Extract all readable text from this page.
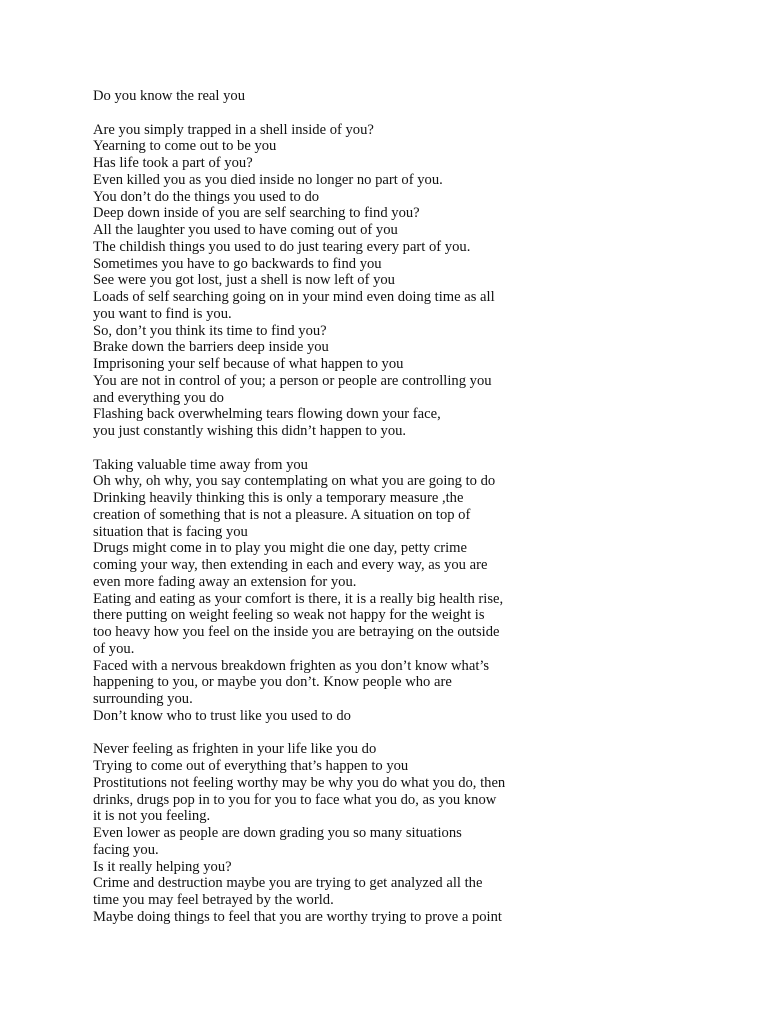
Do you know the real you

Are you simply trapped in a shell inside of you?
Yearning to come out to be you
Has life took a part of you?
Even killed you as you died inside no longer no part of you.
You don’t do the things you used to do
Deep down inside of you are self searching to find you?
All the laughter you used to have coming out of you
The childish things you used to do just tearing every part of you.
Sometimes you have to go backwards to find you
See were you got lost, just a shell is now left of you
Loads of self searching going on in your mind even doing time as all
you want to find is you.
So, don’t you think its time to find you?
Brake down the barriers deep inside you
Imprisoning your self because of what happen to you
You are not in control of you; a person or people are controlling you
and everything you do
Flashing back overwhelming tears flowing down your face,
you just constantly wishing this didn’t happen to you.

Taking valuable time away from you
Oh why, oh why, you say contemplating on what you are going to do
Drinking heavily thinking this is only a temporary measure ,the
creation of something that is not a pleasure. A situation on top of
situation that is facing you
Drugs might come in to play you might die one day, petty crime
coming your way, then extending in each and every way, as you are
even more fading away an extension for you.
Eating and eating as your comfort is there, it is a really big health rise,
there putting on weight feeling so weak not happy for the weight is
too heavy how you feel on the inside you are betraying on the outside
of you.
Faced with a nervous breakdown frighten as you don’t know what’s
happening to you, or maybe you don’t. Know people who are
surrounding you.
Don’t know who to trust like you used to do

Never feeling as frighten in your life like you do
Trying to come out of everything that’s happen to you
Prostitutions not feeling worthy may be why you do what you do, then
drinks, drugs pop in to you for you to face what you do, as you know
it is not you feeling.
Even lower as people are down grading you so many situations
facing you.
Is it really helping you?
Crime and destruction maybe you are trying to get analyzed all the
time you may feel betrayed by the world.
Maybe doing things to feel that you are worthy trying to prove a point
